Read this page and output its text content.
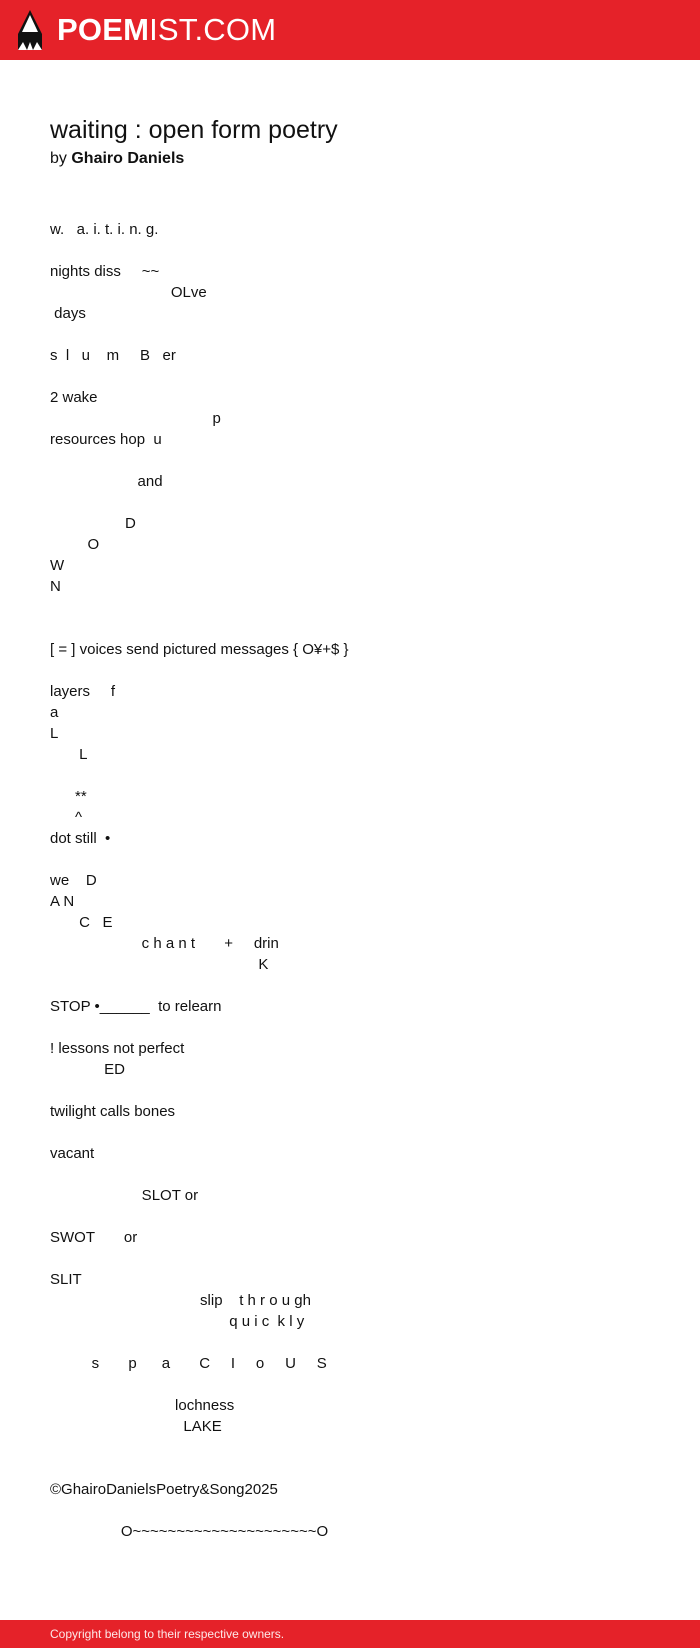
POEMIST.COM
waiting : open form poetry
by Ghairo Daniels
w.   a. i. t. i. n. g.

nights diss     ~~
OLve
days

s  l   u    m     B   er

2 wake
p
resources hop  u

and

D
O
W
N

[ = ] voices send pictured messages { O¥+$ }

layers     f
a
L
L

**
^
dot still  •

we    D
A N
C   E
c h a n t       +     drin
K

STOP •______  to relearn

! lessons not perfect
ED

twilight calls bones

vacant

SLOT or

SWOT       or

SLIT
slip    t h r o u gh
q u i c  k l y

s       p      a       C     I     o     U     S

lochness
LAKE

©GhairoDanielsPoetry&Song2025

O~~~~~~~~~~~~~~~~~~~~~O
Copyright belong to their respective owners.
